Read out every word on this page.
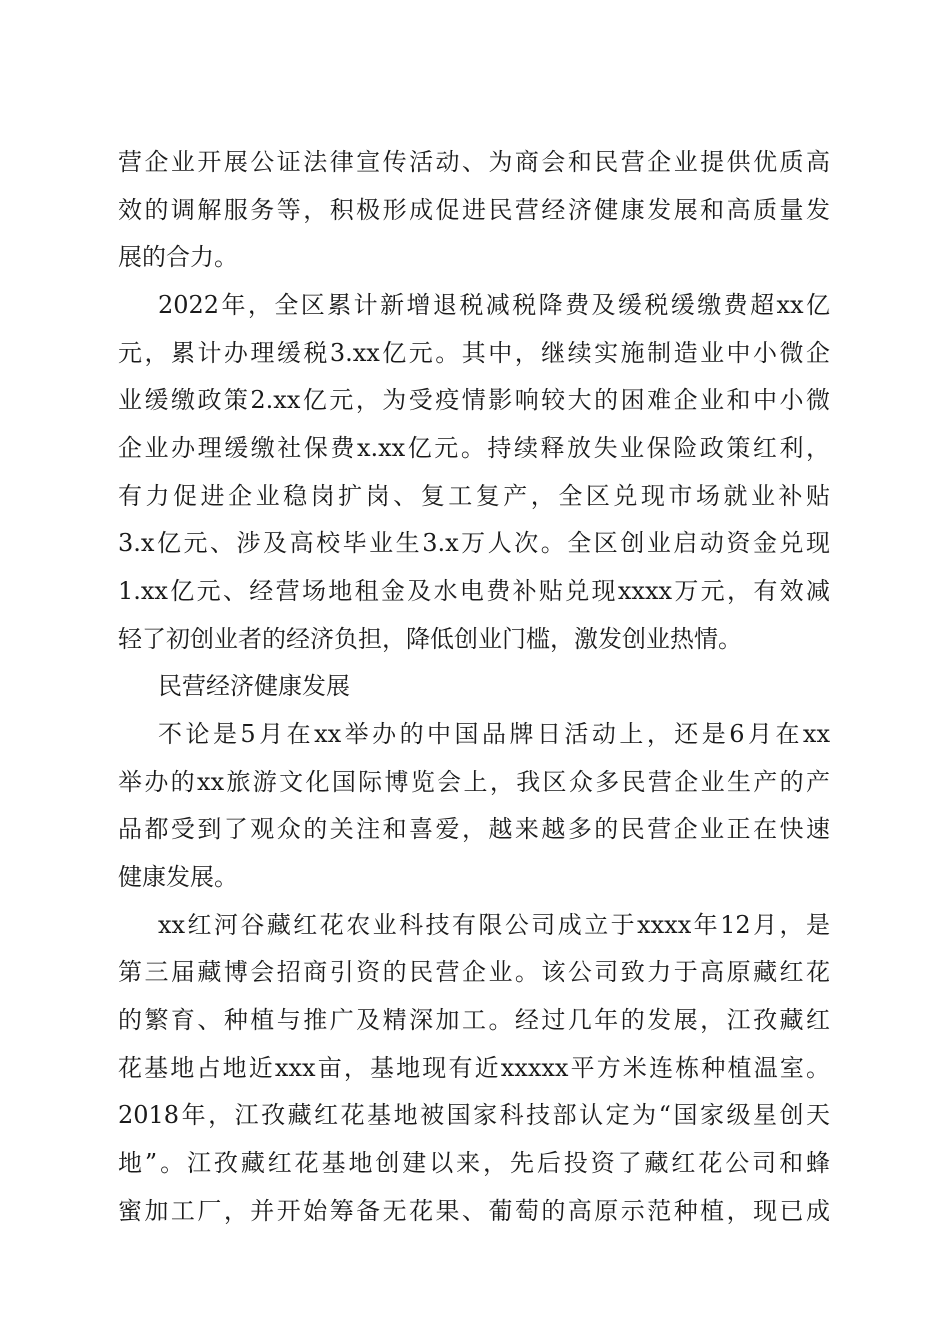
营企业开展公证法律宣传活动、为商会和民营企业提供优质高

效的调解服务等，积极形成促进民营经济健康发展和高质量发

展的合力。

2022年，全区累计新增退税减税降费及缓税缓缴费超xx亿

元，累计办理缓税3.xx亿元。其中，继续实施制造业中小微企

业缓缴政策2.xx亿元，为受疫情影响较大的困难企业和中小微

企业办理缓缴社保费x.xx亿元。持续释放失业保险政策红利，

有力促进企业稳岗扩岗、复工复产，全区兑现市场就业补贴

3.x亿元、涉及高校毕业生3.x万人次。全区创业启动资金兑现

1.xx亿元、经营场地租金及水电费补贴兑现xxxx万元，有效减

轻了初创业者的经济负担，降低创业门槛，激发创业热情。

民营经济健康发展

不论是5月在xx举办的中国品牌日活动上，还是6月在xx

举办的xx旅游文化国际博览会上，我区众多民营企业生产的产

品都受到了观众的关注和喜爱，越来越多的民营企业正在快速

健康发展。

xx红河谷藏红花农业科技有限公司成立于xxxx年12月，是

第三届藏博会招商引资的民营企业。该公司致力于高原藏红花

的繁育、种植与推广及精深加工。经过几年的发展，江孜藏红

花基地占地近xxx亩，基地现有近xxxxx平方米连栋种植温室。

2018年，江孜藏红花基地被国家科技部认定为“国家级星创天

地”。江孜藏红花基地创建以来，先后投资了藏红花公司和蜂

蜜加工厂，并开始筹备无花果、葡萄的高原示范种植，现已成
